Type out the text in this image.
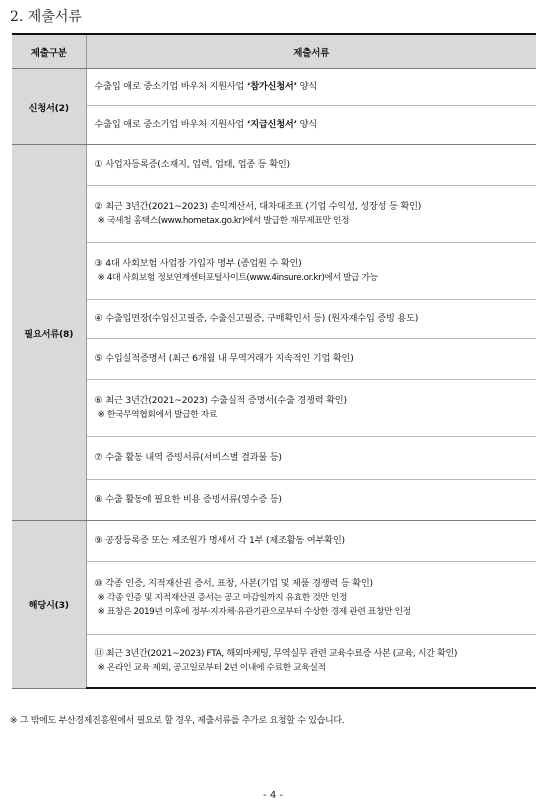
2. 제출서류
제출구분	제출서류
신청서(2)	수출입 애로 중소기업 바우처 지원사업 ‘참가신청서’ 양식

	수출입 애로 중소기업 바우처 지원사업 ‘지급신청서’ 양식

필요서류(8)	① 사업자등록증(소재지, 업력, 업태, 업종 등 확인)

	② 최근 3년간(2021~2023) 손익계산서, 대차대조표 (기업 수익성, 성장성 등 확인)
※ 국세청 홈택스(www.hometax.go.kr)에서 발급한 재무제표만 인정

	③ 4대 사회보험 사업장 가입자 명부 (종업원 수 확인)
※ 4대 사회보험 정보연계센터포털사이트(www.4insure.or.kr)에서 발급 가능

	④ 수출입면장(수입신고필증, 수출신고필증, 구매확인서 등) (원자재수입 증빙 용도)

	⑤ 수입실적증명서 (최근 6개월 내 무역거래가 지속적인 기업 확인)

	⑥ 최근 3년간(2021~2023) 수출실적 증명서(수출 경쟁력 확인)
※ 한국무역협회에서 발급한 자료

	⑦ 수출 활동 내역 증빙서류(서비스별 결과물 등)

	⑧ 수출 활동에 필요한 비용 증빙서류(영수증 등)

해당시(3)	⑨ 공장등록증 또는 제조원가 명세서 각 1부 (제조활동 여부확인)

	⑩ 각종 인증, 지적재산권 증서, 표창, 사본(기업 및 제품 경쟁력 등 확인)
※ 각종 인증 및 지적재산권 증서는 공고 마감일까지 유효한 것만 인정
※ 표창은 2019년 이후에 정부·지자체·유관기관으로부터 수상한 경제 관련 표창만 인정

	⑪ 최근 3년간(2021~2023) FTA, 해외마케팅, 무역실무 관련 교육수료증 사본 (교육, 시간 확인)
※ 온라인 교육 제외, 공고일로부터 2년 이내에 수료한 교육실적
※ 그 밖에도 부산경제진흥원에서 필요로 할 경우, 제출서류를 추가로 요청할 수 있습니다.
- 4 -
